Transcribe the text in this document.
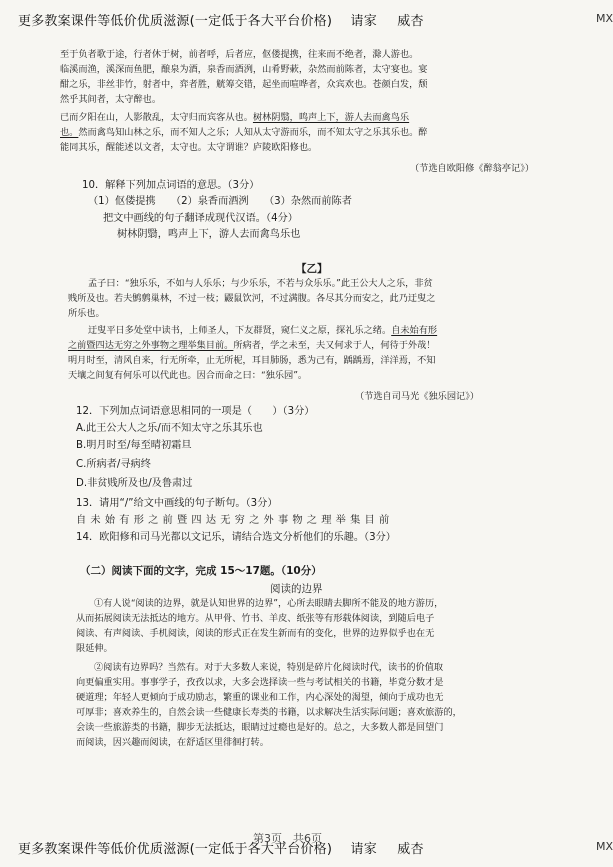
更多教案课件等低价优质滋源(一定低于各大平台价格) 请家 威杏	MX
至于负者歌于途，行者休于树，前者呼，后者应，伛偻提携，往来而不绝者，滁人游也。
临溪而渔，溪深而鱼肥，酿泉为酒，泉香而酒洌，山肴野蔌，杂然而前陈者，太守宴也。宴
酣之乐，非丝非竹，射者中，弈者胜，觥筹交错，起坐而喧哗者，众宾欢也。苍颜白发，颓
然乎其间者，太守醉也。
已而夕阳在山，人影散乱，太守归而宾客从也。树林阴翳，鸣声上下，游人去而禽鸟乐
也。然而禽鸟知山林之乐，而不知人之乐；人知从太守游而乐，而不知太守之乐其乐也。醉
能同其乐，醒能述以文者，太守也。太守谓谁？庐陵欧阳修也。
（节选自欧阳修《醉翁亭记》）
10．解释下列加点词语的意思。（3分）
（1）伛偻提携　　（2）泉香而酒洌　　（3）杂然而前陈者
把文中画线的句子翻译成现代汉语。（4分）
树林阴翳，鸣声上下，游人去而禽鸟乐也
【乙】
孟子曰：“独乐乐，不如与人乐乐；与少乐乐，不若与众乐乐。”此王公大人之乐，非贫
贱所及也。若夫鹪鹩巢林，不过一枝；鼹鼠饮河，不过满腹。各尽其分而安之，此乃迂叟之
所乐也。
迂叟平日多处堂中读书，上师圣人，下友群贤，窥仁义之原，探礼乐之绪。自未始有形
之前暨四达无穷之外事物之理举集目前。所病者，学之未至，夫又何求于人，何待于外哉！
明月时至，清风自来，行无所牵，止无所柅，耳目肺肠，悉为己有，踽踽焉，洋洋焉，不知
天壤之间复有何乐可以代此也。因合而命之曰：“独乐园”。
（节选自司马光《独乐园记》）
12．下列加点词语意思相同的一项是（　　）（3分）
A.此王公大人之乐/而不知太守之乐其乐也
B.明月时至/每至晴初霜旦
C.所病者/寻病终
D.非贫贱所及也/及鲁肃过
13．请用“/”给文中画线的句子断句。（3分）
自 未 始 有 形 之 前 暨 四 达 无 穷 之 外 事 物 之 理 举 集 目 前
14．欧阳修和司马光都以文记乐，请结合选文分析他们的乐趣。（3分）
（二）阅读下面的文字，完成 15～17题。（10分）
阅读的边界
①有人说“阅读的边界，就是认知世界的边界”，心所去眼睛去脚所不能及的地方游历，
从而拓展阅读无法抵达的地方。从甲骨、竹书、羊皮、纸张等有形载体阅读，到随后电子
阅读、有声阅读、手机阅读，阅读的形式正在发生新而有的变化，世界的边界似乎也在无
限延伸。
②阅读有边界吗？当然有。对于大多数人来说，特别是碎片化阅读时代，读书的价值取
向更偏重实用。事事学子，孜孜以求，大多会选择读一些与考试相关的书籍，毕竟分数才是
硬道理；年轻人更倾向于成功励志，繁重的课业和工作，内心深处的渴望，倾向于成功也无
可厚非；喜欢养生的，自然会读一些健康长寿类的书籍，以求解决生活实际问题；喜欢旅游的，
会读一些旅游类的书籍，脚步无法抵达，眼睛过过瘾也是好的。总之，大多数人都是回望门
而阅读，因兴趣而阅读，在舒适区里徘徊打转。
第3页，共6页
更多教案课件等低价优质滋源(一定低于各大平台价格) 请家 威杏	MX
